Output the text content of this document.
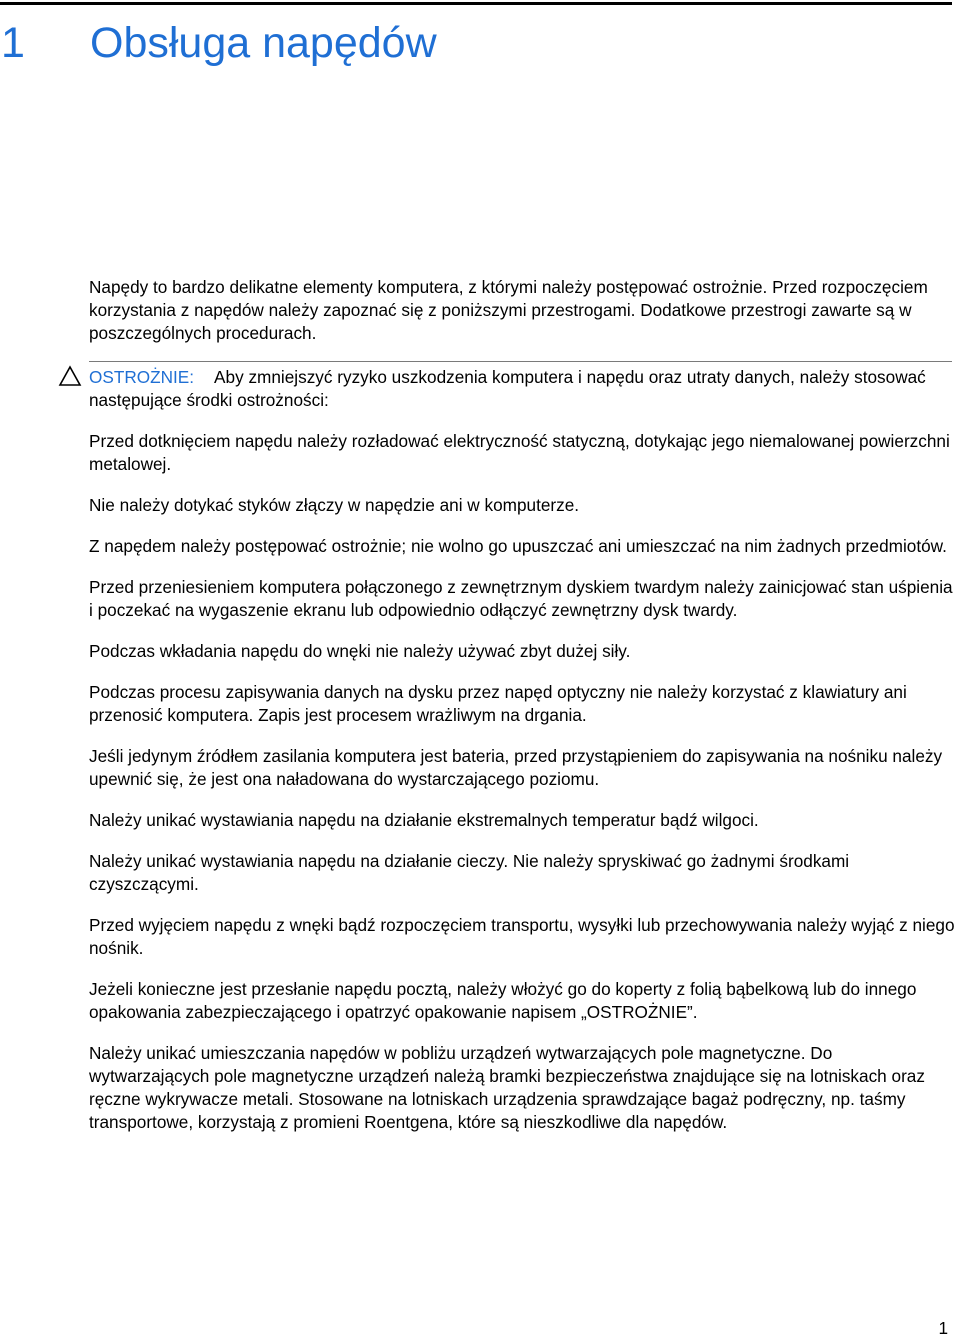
1	Obsługa napędów

Napędy to bardzo delikatne elementy komputera, z którymi należy postępować ostrożnie. Przed rozpoczęciem korzystania z napędów należy zapoznać się z poniższymi przestrogami. Dodatkowe przestrogi zawarte są w poszczególnych procedurach.

OSTROŻNIE: Aby zmniejszyć ryzyko uszkodzenia komputera i napędu oraz utraty danych, należy stosować następujące środki ostrożności:

Przed dotknięciem napędu należy rozładować elektryczność statyczną, dotykając jego niemalowanej powierzchni metalowej.

Nie należy dotykać styków złączy w napędzie ani w komputerze.

Z napędem należy postępować ostrożnie; nie wolno go upuszczać ani umieszczać na nim żadnych przedmiotów.

Przed przeniesieniem komputera połączonego z zewnętrznym dyskiem twardym należy zainicjować stan uśpienia i poczekać na wygaszenie ekranu lub odpowiednio odłączyć zewnętrzny dysk twardy.

Podczas wkładania napędu do wnęki nie należy używać zbyt dużej siły.

Podczas procesu zapisywania danych na dysku przez napęd optyczny nie należy korzystać z klawiatury ani przenosić komputera. Zapis jest procesem wrażliwym na drgania.

Jeśli jedynym źródłem zasilania komputera jest bateria, przed przystąpieniem do zapisywania na nośniku należy upewnić się, że jest ona naładowana do wystarczającego poziomu.

Należy unikać wystawiania napędu na działanie ekstremalnych temperatur bądź wilgoci.

Należy unikać wystawiania napędu na działanie cieczy. Nie należy spryskiwać go żadnymi środkami czyszczącymi.

Przed wyjęciem napędu z wnęki bądź rozpoczęciem transportu, wysyłki lub przechowywania należy wyjąć z niego nośnik.

Jeżeli konieczne jest przesłanie napędu pocztą, należy włożyć go do koperty z folią bąbelkową lub do innego opakowania zabezpieczającego i opatrzyć opakowanie napisem „OSTROŻNIE”.

Należy unikać umieszczania napędów w pobliżu urządzeń wytwarzających pole magnetyczne. Do wytwarzających pole magnetyczne urządzeń należą bramki bezpieczeństwa znajdujące się na lotniskach oraz ręczne wykrywacze metali. Stosowane na lotniskach urządzenia sprawdzające bagaż podręczny, np. taśmy transportowe, korzystają z promieni Roentgena, które są nieszkodliwe dla napędów.

1
